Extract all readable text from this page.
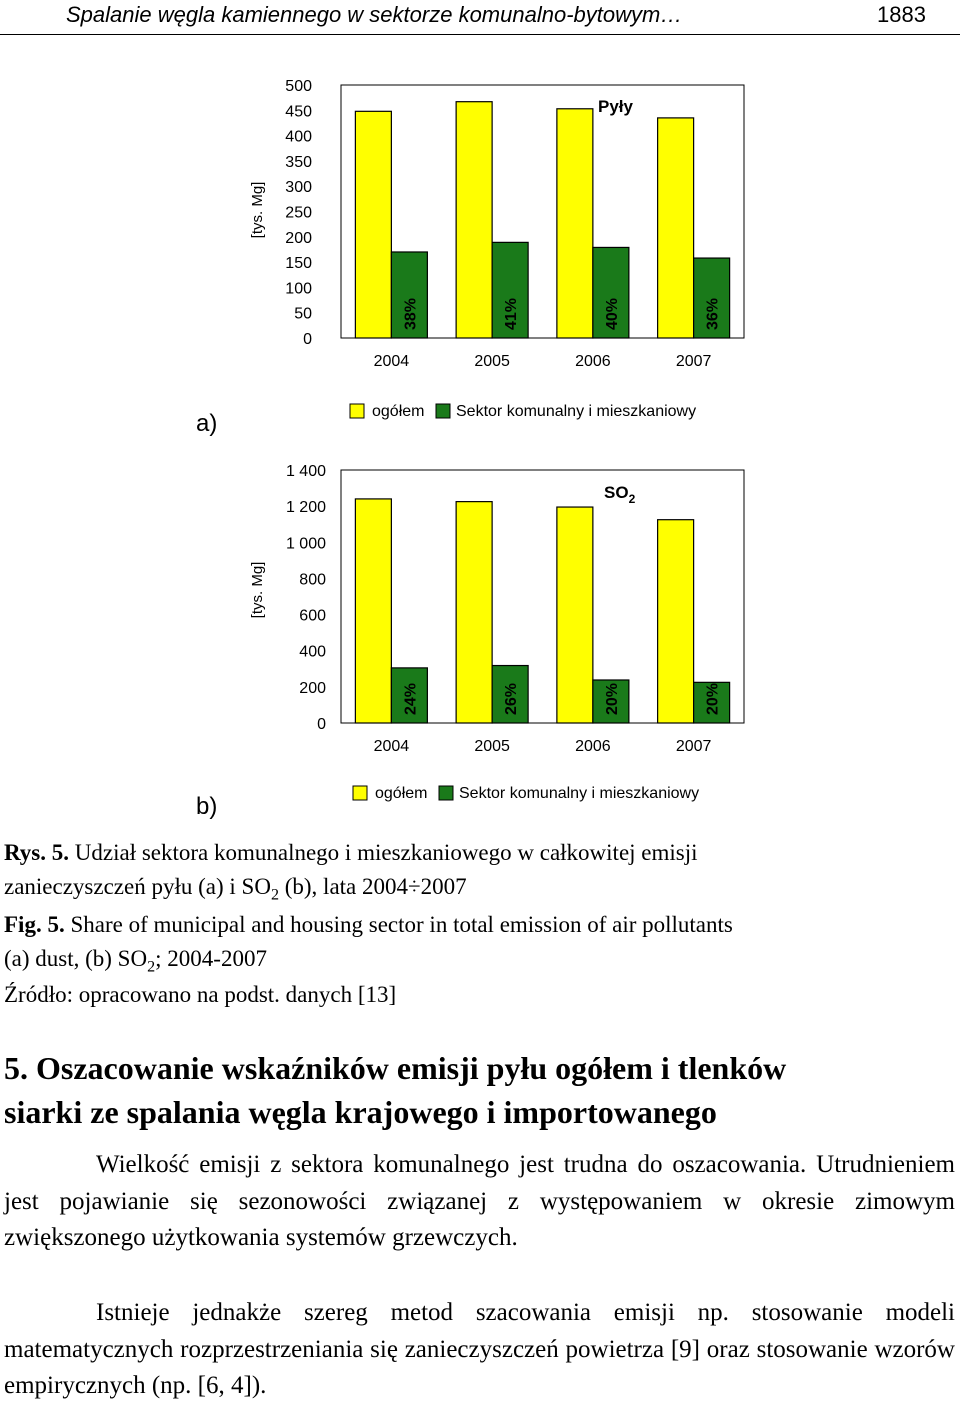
Spalanie węgla kamiennego w sektorze komunalno-bytowym…	1883
0
50
100
150
200
250
300
350
400
450
500
[tys. Mg]
38%
2004
41%
2005
40%
2006
36%
2007
Pyły
ogółem Sektor komunalny i mieszkaniowy
0
200
400
600
800
1 000
1 200
1 400
[tys. Mg]
24%
2004
26%
2005
20%
2006
20%
2007
$SO_2$
ogółem Sektor komunalny i mieszkaniowy
a)
b)
Rys. 5. Udział sektora komunalnego i mieszkaniowego w całkowitej emisji
zanieczyszczeń pyłu (a) i $SO_2$ (b), lata 2004÷2007
Fig. 5. Share of municipal and housing sector in total emission of air pollutants
(a) dust, (b) $SO_2$; 2004-2007
Źródło: opracowano na podst. danych [13]
5. Oszacowanie wskaźników emisji pyłu ogółem i tlenków
siarki ze spalania węgla krajowego i importowanego
Wielkość emisji z sektora komunalnego jest trudna do oszacowania. Utrudnieniem jest pojawianie się sezonowości związanej z występowaniem w okresie zimowym zwiększonego użytkowania systemów grzewczych.
Istnieje jednakże szereg metod szacowania emisji np. stosowanie modeli matematycznych rozprzestrzeniania się zanieczyszczeń powietrza [9] oraz stosowanie wzorów empirycznych (np. [6, 4]).
